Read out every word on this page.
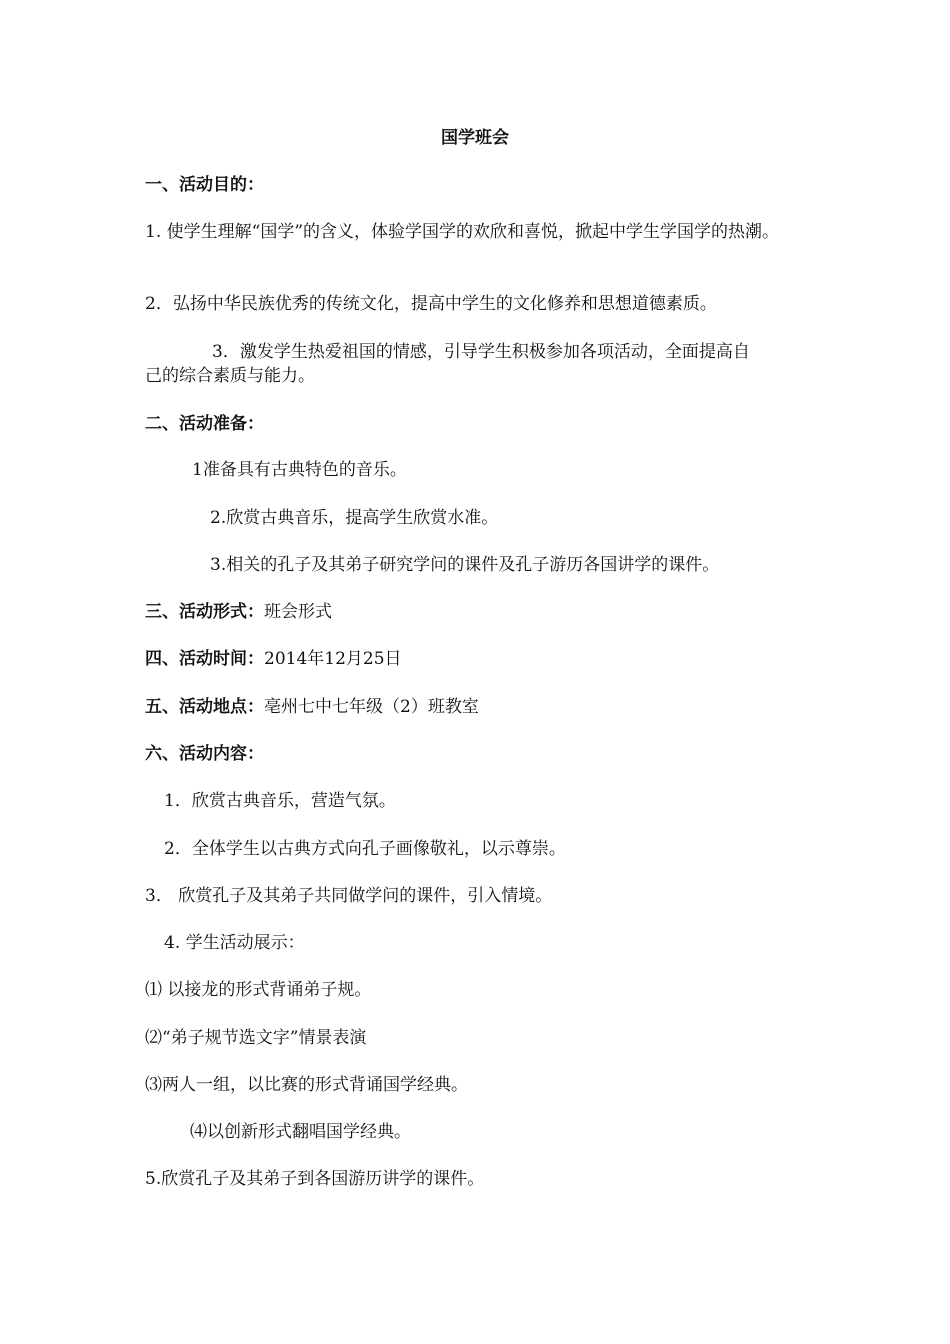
国学班会
一、活动目的：
1. 使学生理解“国学”的含义，体验学国学的欢欣和喜悦，掀起中学生学国学的热潮。
2．弘扬中华民族优秀的传统文化，提高中学生的文化修养和思想道德素质。
3．激发学生热爱祖国的情感，引导学生积极参加各项活动，全面提高自
己的综合素质与能力。
二、活动准备：
1准备具有古典特色的音乐。
2.欣赏古典音乐，提高学生欣赏水准。
3.相关的孔子及其弟子研究学问的课件及孔子游历各国讲学的课件。
三、活动形式：班会形式
四、活动时间：2014年12月25日
五、活动地点：亳州七中七年级（2）班教室
六、活动内容：
1．欣赏古典音乐，营造气氛。
2．全体学生以古典方式向孔子画像敬礼，以示尊崇。
3． 欣赏孔子及其弟子共同做学问的课件，引入情境。
4. 学生活动展示：
⑴ 以接龙的形式背诵弟子规。
⑵“弟子规节选文字”情景表演
⑶两人一组，以比赛的形式背诵国学经典。
⑷以创新形式翻唱国学经典。
5.欣赏孔子及其弟子到各国游历讲学的课件。
